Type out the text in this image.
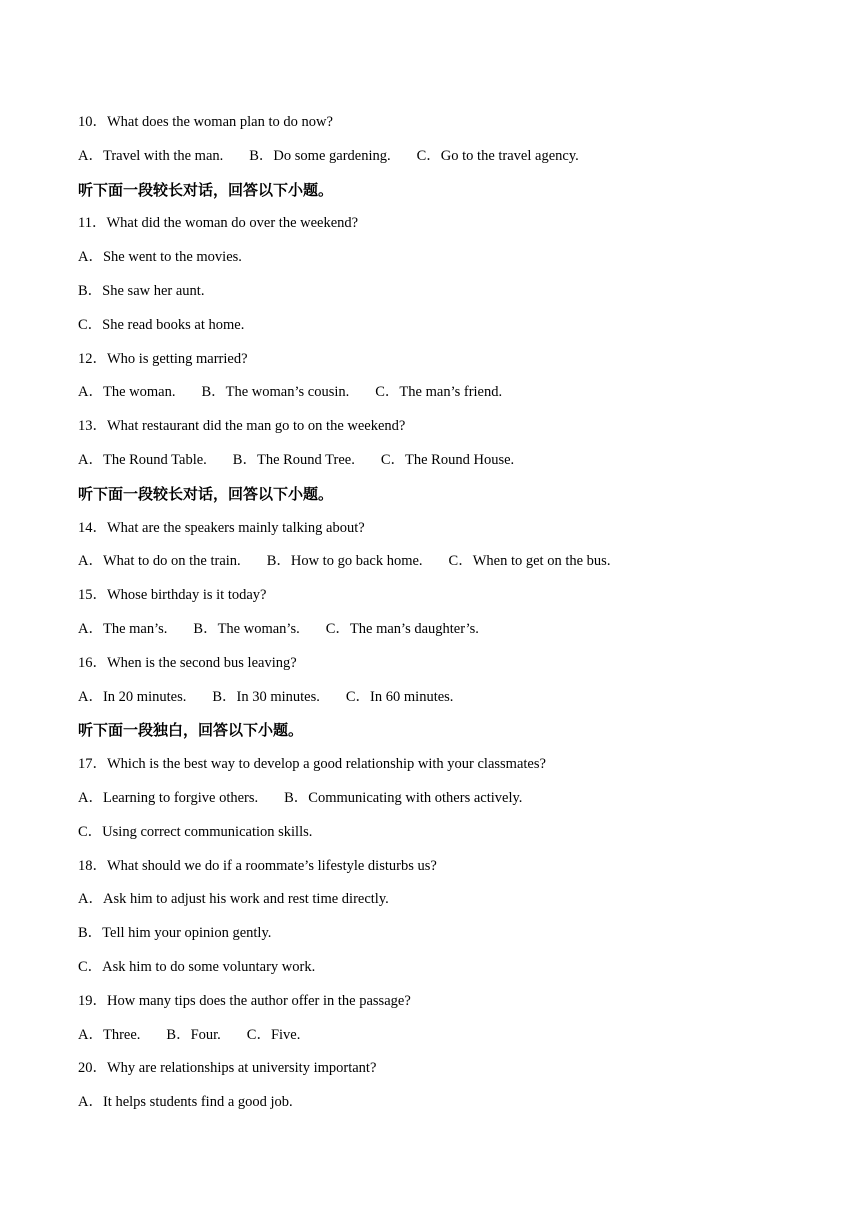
10．What does the woman plan to do now?
A．Travel with the man. B．Do some gardening. C．Go to the travel agency.
听下面一段较长对话，回答以下小题。
11．What did the woman do over the weekend?
A．She went to the movies.
B．She saw her aunt.
C．She read books at home.
12．Who is getting married?
A．The woman. B．The woman’s cousin. C．The man’s friend.
13．What restaurant did the man go to on the weekend?
A．The Round Table. B．The Round Tree. C．The Round House.
听下面一段较长对话，回答以下小题。
14．What are the speakers mainly talking about?
A．What to do on the train. B．How to go back home. C．When to get on the bus.
15．Whose birthday is it today?
A．The man’s. B．The woman’s. C．The man’s daughter’s.
16．When is the second bus leaving?
A．In 20 minutes. B．In 30 minutes. C．In 60 minutes.
听下面一段独白，回答以下小题。
17．Which is the best way to develop a good relationship with your classmates?
A．Learning to forgive others. B．Communicating with others actively.
C．Using correct communication skills.
18．What should we do if a roommate’s lifestyle disturbs us?
A．Ask him to adjust his work and rest time directly.
B．Tell him your opinion gently.
C．Ask him to do some voluntary work.
19．How many tips does the author offer in the passage?
A．Three. B．Four. C．Five.
20．Why are relationships at university important?
A．It helps students find a good job.
